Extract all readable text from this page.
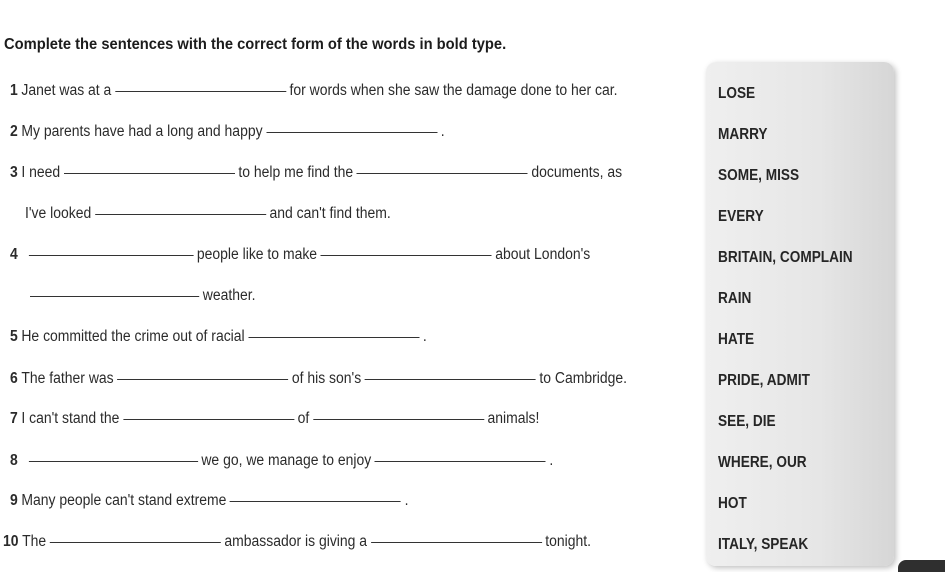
Complete the sentences with the correct form of the words in bold type.
1 Janet was at a	for words when she saw the damage done to her car.
2 My parents have had a long and happy	.
3 I need	to help me find the	documents, as
I've looked	and can't find them.
4	people like to make	about London's
weather.
5 He committed the crime out of racial	.
6 The father was	of his son's	to Cambridge.
7 I can't stand the	of	animals!
8	we go, we manage to enjoy	.
9 Many people can't stand extreme	.
10 The	ambassador is giving a	tonight.
LOSE
MARRY
SOME, MISS
EVERY
BRITAIN, COMPLAIN
RAIN
HATE
PRIDE, ADMIT
SEE, DIE
WHERE, OUR
HOT
ITALY, SPEAK
